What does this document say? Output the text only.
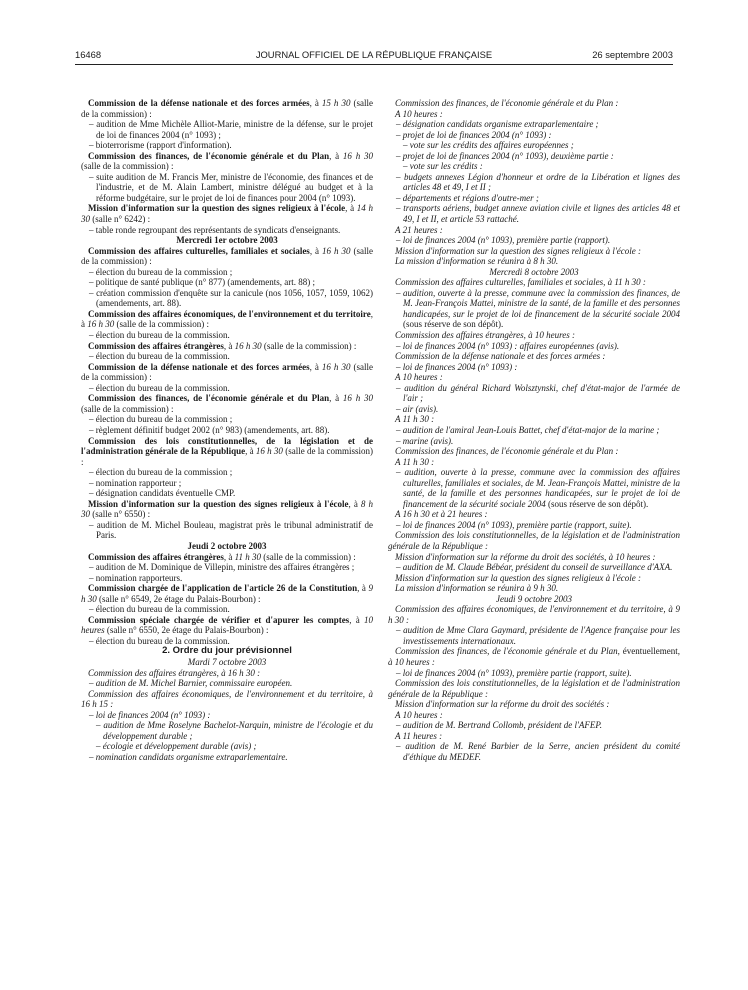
16468	JOURNAL OFFICIEL DE LA RÉPUBLIQUE FRANÇAISE	26 septembre 2003

Commission de la défense nationale et des forces armées, à 15 h 30 (salle de la commission) :

– audition de Mme Michèle Alliot-Marie, ministre de la défense, sur le projet de loi de finances 2004 (n° 1093) ;

– bioterrorisme (rapport d'information).

Commission des finances, de l'économie générale et du Plan, à 16 h 30 (salle de la commission) :

– suite audition de M. Francis Mer, ministre de l'économie, des finances et de l'industrie, et de M. Alain Lambert, ministre délégué au budget et à la réforme budgétaire, sur le projet de loi de finances pour 2004 (n° 1093).

Mission d'information sur la question des signes religieux à l'école, à 14 h 30 (salle n° 6242) :

– table ronde regroupant des représentants de syndicats d'enseignants.

Mercredi 1er octobre 2003

Commission des affaires culturelles, familiales et sociales, à 16 h 30 (salle de la commission) :

– élection du bureau de la commission ;

– politique de santé publique (n° 877) (amendements, art. 88) ;

– création commission d'enquête sur la canicule (nos 1056, 1057, 1059, 1062) (amendements, art. 88).

Commission des affaires économiques, de l'environnement et du territoire, à 16 h 30 (salle de la commission) :

– élection du bureau de la commission.

Commission des affaires étrangères, à 16 h 30 (salle de la commission) :

– élection du bureau de la commission.

Commission de la défense nationale et des forces armées, à 16 h 30 (salle de la commission) :

– élection du bureau de la commission.

Commission des finances, de l'économie générale et du Plan, à 16 h 30 (salle de la commission) :

– élection du bureau de la commission ;

– règlement définitif budget 2002 (n° 983) (amendements, art. 88).

Commission des lois constitutionnelles, de la législation et de l'administration générale de la République, à 16 h 30 (salle de la commission) :

– élection du bureau de la commission ;

– nomination rapporteur ;

– désignation candidats éventuelle CMP.

Mission d'information sur la question des signes religieux à l'école, à 8 h 30 (salle n° 6550) :

– audition de M. Michel Bouleau, magistrat près le tribunal administratif de Paris.

Jeudi 2 octobre 2003

Commission des affaires étrangères, à 11 h 30 (salle de la commission) :

– audition de M. Dominique de Villepin, ministre des affaires étrangères ;

– nomination rapporteurs.

Commission chargée de l'application de l'article 26 de la Constitution, à 9 h 30 (salle n° 6549, 2e étage du Palais-Bourbon) :

– élection du bureau de la commission.

Commission spéciale chargée de vérifier et d'apurer les comptes, à 10 heures (salle n° 6550, 2e étage du Palais-Bourbon) :

– élection du bureau de la commission.

2. Ordre du jour prévisionnel

Mardi 7 octobre 2003

Commission des affaires étrangères, à 16 h 30 :

– audition de M. Michel Barnier, commissaire européen.

Commission des affaires économiques, de l'environnement et du territoire, à 16 h 15 :

– loi de finances 2004 (n° 1093) :

– audition de Mme Roselyne Bachelot-Narquin, ministre de l'écologie et du développement durable ;

– écologie et développement durable (avis) ;

– nomination candidats organisme extraparlementaire.

Commission des finances, de l'économie générale et du Plan :

A 10 heures :

– désignation candidats organisme extraparlementaire ;

– projet de loi de finances 2004 (n° 1093) :

– vote sur les crédits des affaires européennes ;

– projet de loi de finances 2004 (n° 1093), deuxième partie :

– vote sur les crédits :

– budgets annexes Légion d'honneur et ordre de la Libération et lignes des articles 48 et 49, I et II ;

– départements et régions d'outre-mer ;

– transports aériens, budget annexe aviation civile et lignes des articles 48 et 49, I et II, et article 53 rattaché.

A 21 heures :

– loi de finances 2004 (n° 1093), première partie (rapport).

Mission d'information sur la question des signes religieux à l'école :

La mission d'information se réunira à 8 h 30.

Mercredi 8 octobre 2003

Commission des affaires culturelles, familiales et sociales, à 11 h 30 :

– audition, ouverte à la presse, commune avec la commission des finances, de M. Jean-François Mattei, ministre de la santé, de la famille et des personnes handicapées, sur le projet de loi de financement de la sécurité sociale 2004 (sous réserve de son dépôt).

Commission des affaires étrangères, à 10 heures :

– loi de finances 2004 (n° 1093) : affaires européennes (avis).

Commission de la défense nationale et des forces armées :

– loi de finances 2004 (n° 1093) :

A 10 heures :

– audition du général Richard Wolsztynski, chef d'état-major de l'armée de l'air ;

– air (avis).

A 11 h 30 :

– audition de l'amiral Jean-Louis Battet, chef d'état-major de la marine ;

– marine (avis).

Commission des finances, de l'économie générale et du Plan :

A 11 h 30 :

– audition, ouverte à la presse, commune avec la commission des affaires culturelles, familiales et sociales, de M. Jean-François Mattei, ministre de la santé, de la famille et des personnes handicapées, sur le projet de loi de financement de la sécurité sociale 2004 (sous réserve de son dépôt).

A 16 h 30 et à 21 heures :

– loi de finances 2004 (n° 1093), première partie (rapport, suite).

Commission des lois constitutionnelles, de la législation et de l'administration générale de la République :

Mission d'information sur la réforme du droit des sociétés, à 10 heures :

– audition de M. Claude Bébéar, président du conseil de surveillance d'AXA.

Mission d'information sur la question des signes religieux à l'école :

La mission d'information se réunira à 9 h 30.

Jeudi 9 octobre 2003

Commission des affaires économiques, de l'environnement et du territoire, à 9 h 30 :

– audition de Mme Clara Gaymard, présidente de l'Agence française pour les investissements internationaux.

Commission des finances, de l'économie générale et du Plan, éventuellement, à 10 heures :

– loi de finances 2004 (n° 1093), première partie (rapport, suite).

Commission des lois constitutionnelles, de la législation et de l'administration générale de la République :

Mission d'information sur la réforme du droit des sociétés :

A 10 heures :

– audition de M. Bertrand Collomb, président de l'AFEP.

A 11 heures :

– audition de M. René Barbier de la Serre, ancien président du comité d'éthique du MEDEF.
